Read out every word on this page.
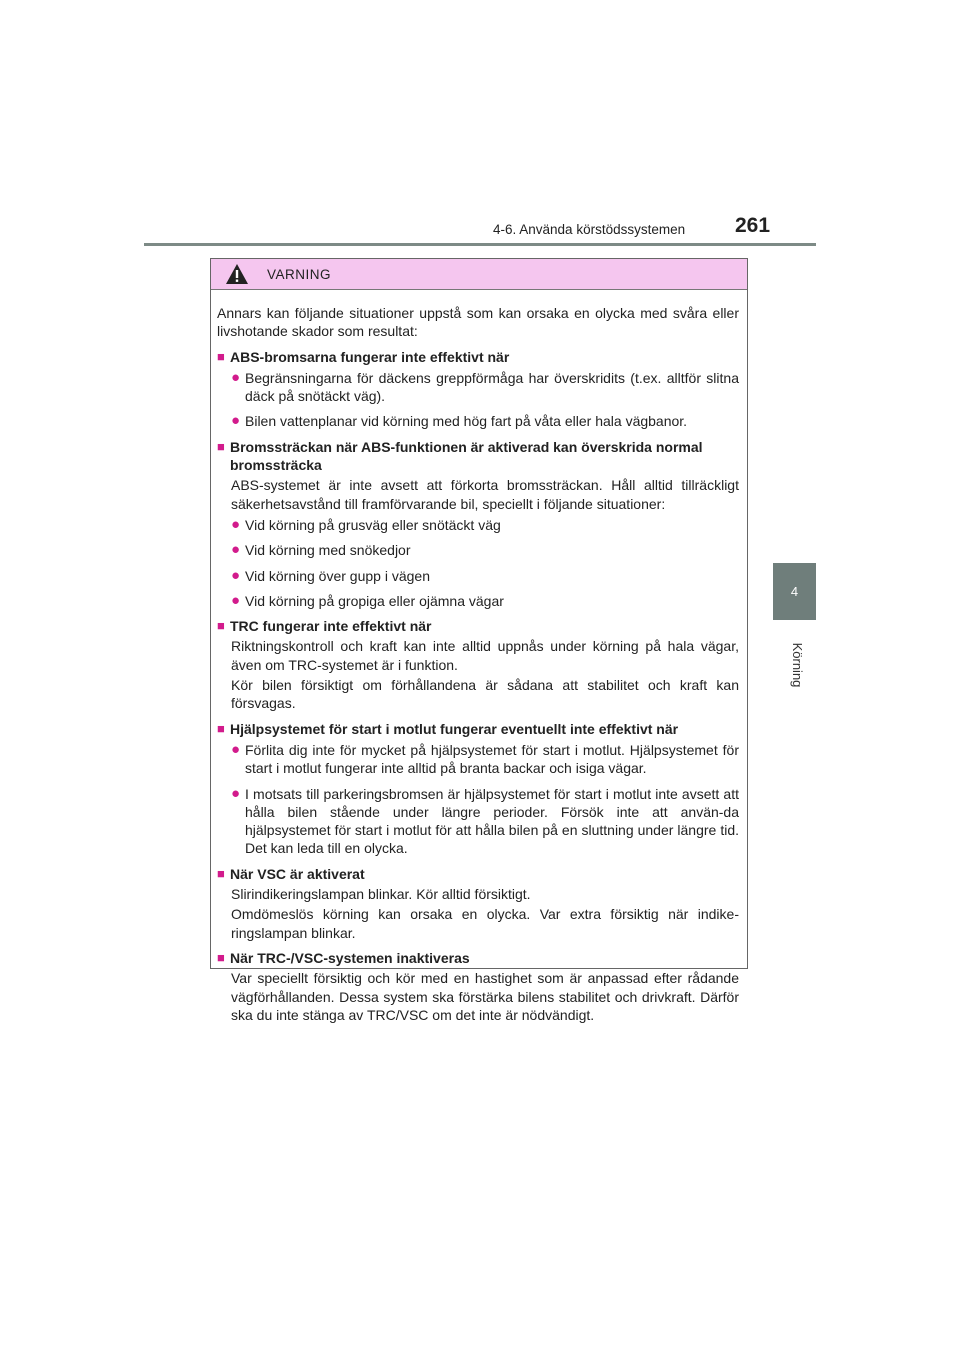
4-6. Använda körstödssystemen	261
4
Körning
VARNING

Annars kan följande situationer uppstå som kan orsaka en olycka med svåra eller livshotande skador som resultat:

■ ABS-bromsarna fungerar inte effektivt när
● Begränsningarna för däckens greppförmåga har överskridits (t.ex. alltför slitna däck på snötäckt väg).
● Bilen vattenplanar vid körning med hög fart på våta eller hala vägbanor.
■ Bromssträckan när ABS-funktionen är aktiverad kan överskrida normal bromssträcka

ABS-systemet är inte avsett att förkorta bromssträckan. Håll alltid tillräckligt säkerhetsavstånd till framförvarande bil, speciellt i följande situationer:

● Vid körning på grusväg eller snötäckt väg
● Vid körning med snökedjor
● Vid körning över gupp i vägen
● Vid körning på gropiga eller ojämna vägar
■ TRC fungerar inte effektivt när

Riktningskontroll och kraft kan inte alltid uppnås under körning på hala vägar, även om TRC-systemet är i funktion.

Kör bilen försiktigt om förhållandena är sådana att stabilitet och kraft kan försvagas.

■ Hjälpsystemet för start i motlut fungerar eventuellt inte effektivt när
● Förlita dig inte för mycket på hjälpsystemet för start i motlut. Hjälpsystemet för start i motlut fungerar inte alltid på branta backar och isiga vägar.
● I motsats till parkeringsbromsen är hjälpsystemet för start i motlut inte avsett att hålla bilen stående under längre perioder. Försök inte att använ-da hjälpsystemet för start i motlut för att hålla bilen på en sluttning under längre tid. Det kan leda till en olycka.
■ När VSC är aktiverat

Slirindikeringslampan blinkar. Kör alltid försiktigt.

Omdömeslös körning kan orsaka en olycka. Var extra försiktig när indike-ringslampan blinkar.

■ När TRC-/VSC-systemen inaktiveras

Var speciellt försiktig och kör med en hastighet som är anpassad efter rådande vägförhållanden. Dessa system ska förstärka bilens stabilitet och drivkraft. Därför ska du inte stänga av TRC/VSC om det inte är nödvändigt.
